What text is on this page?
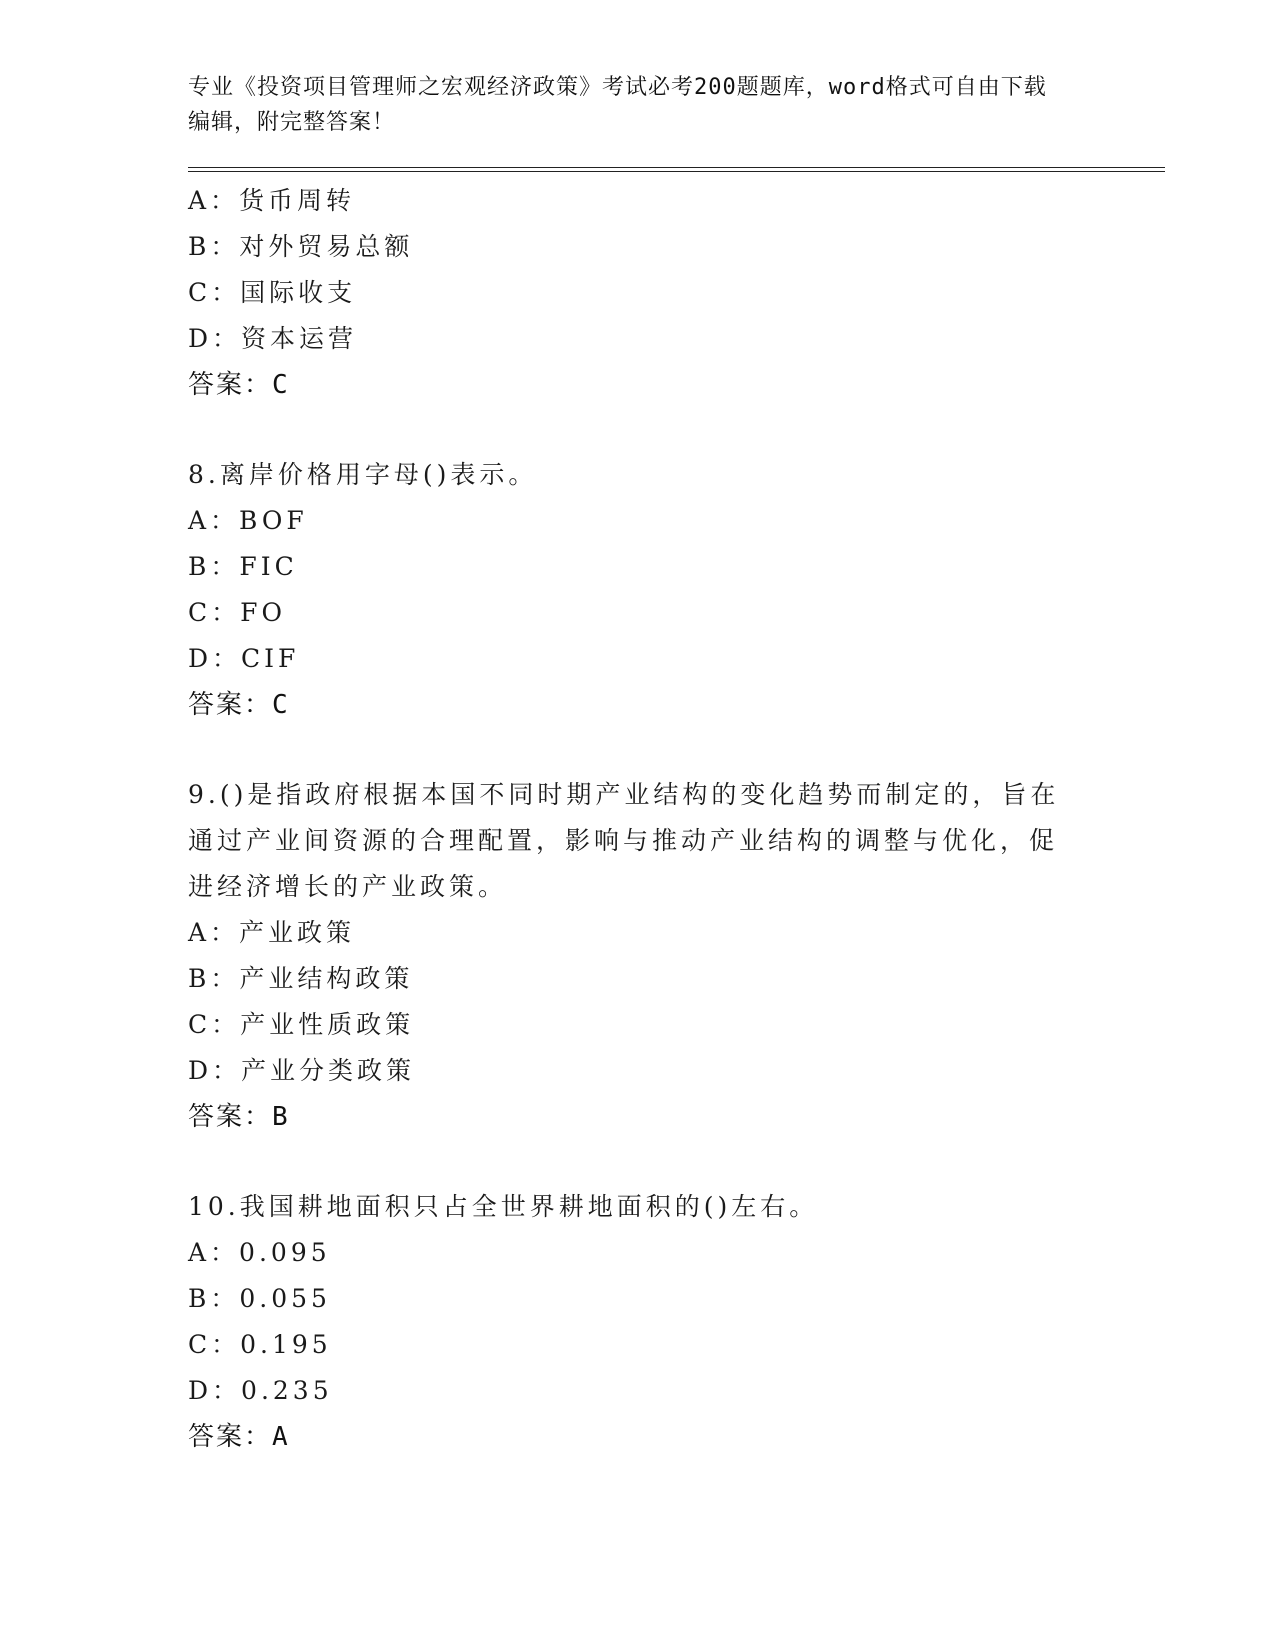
专业《投资项目管理师之宏观经济政策》考试必考200题题库，word格式可自由下载编辑，附完整答案！
A：货币周转
B：对外贸易总额
C：国际收支
D：资本运营
答案：C
8.离岸价格用字母()表示。
A：BOF
B：FIC
C：FO
D：CIF
答案：C
9.()是指政府根据本国不同时期产业结构的变化趋势而制定的，旨在通过产业间资源的合理配置，影响与推动产业结构的调整与优化，促进经济增长的产业政策。
A：产业政策
B：产业结构政策
C：产业性质政策
D：产业分类政策
答案：B
10.我国耕地面积只占全世界耕地面积的()左右。
A：0.095
B：0.055
C：0.195
D：0.235
答案：A
